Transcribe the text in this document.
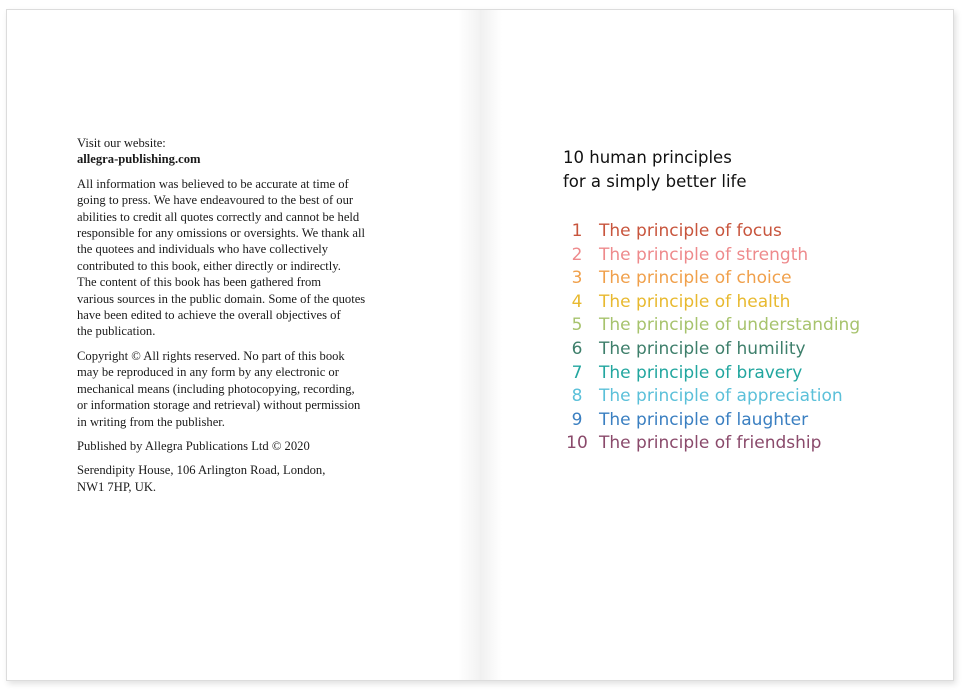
Visit our website:
allegra-publishing.com

All information was believed to be accurate at time of
going to press. We have endeavoured to the best of our
abilities to credit all quotes correctly and cannot be held
responsible for any omissions or oversights. We thank all
the quotees and individuals who have collectively
contributed to this book, either directly or indirectly.
The content of this book has been gathered from
various sources in the public domain. Some of the quotes
have been edited to achieve the overall objectives of
the publication.

Copyright © All rights reserved. No part of this book
may be reproduced in any form by any electronic or
mechanical means (including photocopying, recording,
or information storage and retrieval) without permission
in writing from the publisher.

Published by Allegra Publications Ltd © 2020

Serendipity House, 106 Arlington Road, London,
NW1 7HP, UK.

10 human principles
for a simply better life
1 The principle of focus
2 The principle of strength
3 The principle of choice
4 The principle of health
5 The principle of understanding
6 The principle of humility
7 The principle of bravery
8 The principle of appreciation
9 The principle of laughter
10 The principle of friendship
